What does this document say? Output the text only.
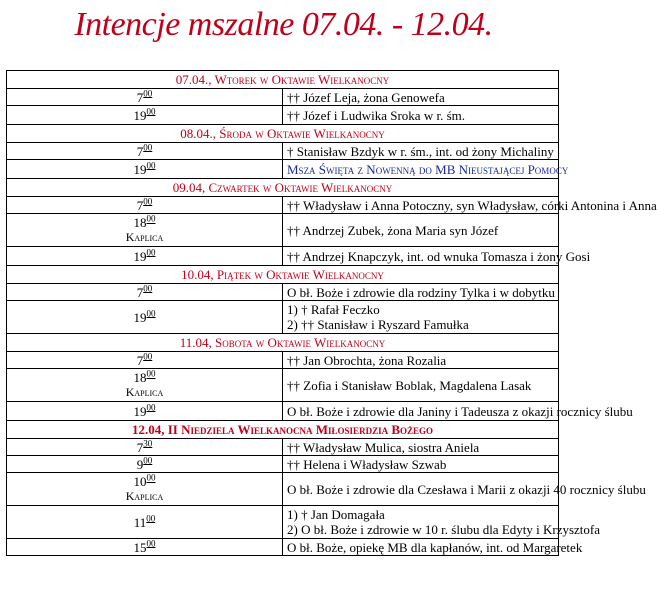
Intencje mszalne 07.04. - 12.04.
07.04., Wtorek w Oktawie Wielkanocny	
$7^{00}$	†† Józef Leja, żona Genowefa

$19^{00}$	†† Józef i Ludwika Sroka w r. śm.

08.04., Środa w Oktawie Wielkanocny	
$7^{00}$	† Stanisław Bzdyk w r. śm., int. od żony Michaliny

$19^{00}$	Msza Święta z Nowenną do MB Nieustającej Pomocy

09.04, Czwartek w Oktawie Wielkanocny	
$7^{00}$	†† Władysław i Anna Potoczny, syn Władysław, córki Antonina i Anna

$18^{00}$
Kaplica	†† Andrzej Zubek, żona Maria syn Józef

$19^{00}$	†† Andrzej Knapczyk, int. od wnuka Tomasza i żony Gosi

10.04, Piątek w Oktawie Wielkanocny	
$7^{00}$	O bł. Boże i zdrowie dla rodziny Tylka i w dobytku

$19^{00}$	1) † Rafał Feczko
2) †† Stanisław i Ryszard Famułka

11.04, Sobota w Oktawie Wielkanocny	
$7^{00}$	†† Jan Obrochta, żona Rozalia

$18^{00}$
Kaplica	†† Zofia i Stanisław Boblak, Magdalena Lasak

$19^{00}$	O bł. Boże i zdrowie dla Janiny i Tadeusza z okazji rocznicy ślubu

12.04, II Niedziela Wielkanocna Miłosierdzia Bożego	
$7^{30}$	†† Władysław Mulica, siostra Aniela

$9^{00}$	†† Helena i Władysław Szwab

$10^{00}$
Kaplica	O bł. Boże i zdrowie dla Czesława i Marii z okazji 40 rocznicy ślubu

$11^{00}$	1) † Jan Domagała
2) O bł. Boże i zdrowie w 10 r. ślubu dla Edyty i Krzysztofa

$15^{00}$	O bł. Boże, opiekę MB dla kapłanów, int. od Margaretek
